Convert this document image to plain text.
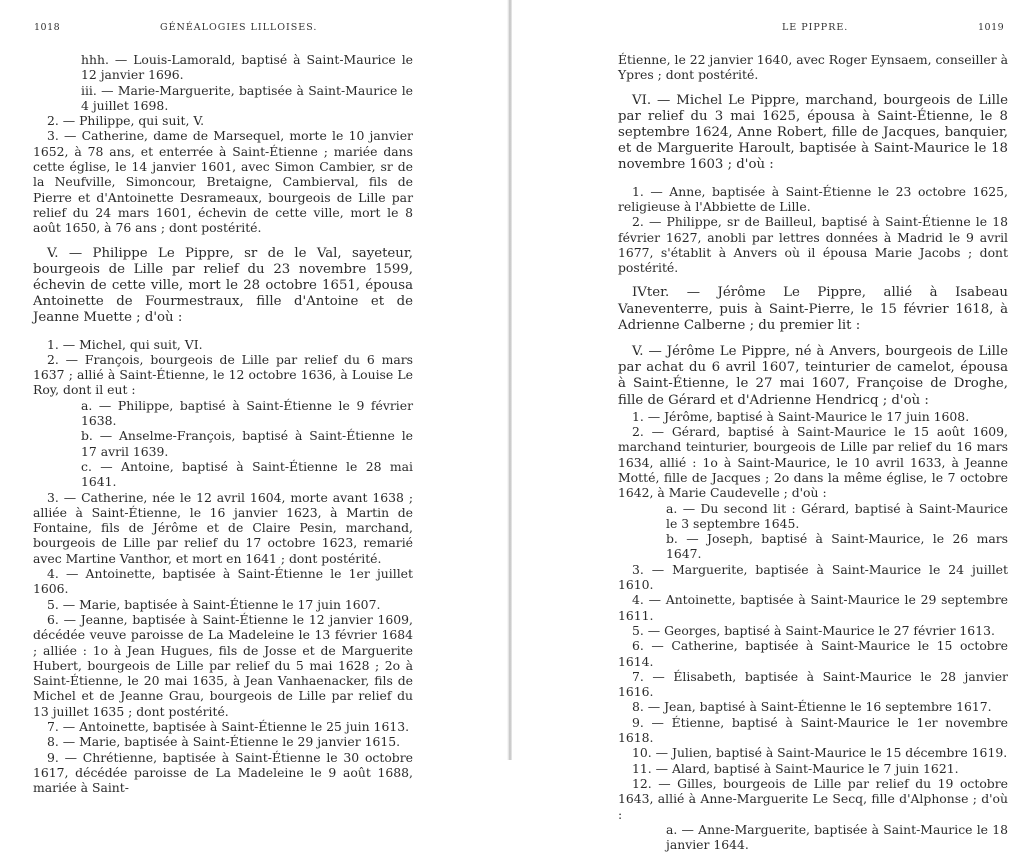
1018	GÉNÉALOGIES LILLOISES.

hhh. — Louis-Lamorald, baptisé à Saint-Maurice le 12 janvier 1696.

iii. — Marie-Marguerite, baptisée à Saint-Maurice le 4 juillet 1698.

2. — Philippe, qui suit, V.

3. — Catherine, dame de Marsequel, morte le 10 janvier 1652, à 78 ans, et enterrée à Saint-Étienne ; mariée dans cette église, le 14 janvier 1601, avec Simon Cambier, sr de la Neufville, Simoncour, Bretaigne, Cambierval, fils de Pierre et d'Antoinette Desrameaux, bourgeois de Lille par relief du 24 mars 1601, échevin de cette ville, mort le 8 août 1650, à 76 ans ; dont postérité.

V. — Philippe Le Pippre, sr de le Val, sayeteur, bourgeois de Lille par relief du 23 novembre 1599, échevin de cette ville, mort le 28 octobre 1651, épousa Antoinette de Fourmestraux, fille d'Antoine et de Jeanne Muette ; d'où :

1. — Michel, qui suit, VI.

2. — François, bourgeois de Lille par relief du 6 mars 1637 ; allié à Saint-Étienne, le 12 octobre 1636, à Louise Le Roy, dont il eut :

a. — Philippe, baptisé à Saint-Étienne le 9 février 1638.

b. — Anselme-François, baptisé à Saint-Étienne le 17 avril 1639.

c. — Antoine, baptisé à Saint-Étienne le 28 mai 1641.

3. — Catherine, née le 12 avril 1604, morte avant 1638 ; alliée à Saint-Étienne, le 16 janvier 1623, à Martin de Fontaine, fils de Jérôme et de Claire Pesin, marchand, bourgeois de Lille par relief du 17 octobre 1623, remarié avec Martine Vanthor, et mort en 1641 ; dont postérité.

4. — Antoinette, baptisée à Saint-Étienne le 1er juillet 1606.

5. — Marie, baptisée à Saint-Étienne le 17 juin 1607.

6. — Jeanne, baptisée à Saint-Étienne le 12 janvier 1609, décédée veuve paroisse de La Madeleine le 13 février 1684 ; alliée : 1o à Jean Hugues, fils de Josse et de Marguerite Hubert, bourgeois de Lille par relief du 5 mai 1628 ; 2o à Saint-Étienne, le 20 mai 1635, à Jean Vanhaenacker, fils de Michel et de Jeanne Grau, bourgeois de Lille par relief du 13 juillet 1635 ; dont postérité.

7. — Antoinette, baptisée à Saint-Étienne le 25 juin 1613.

8. — Marie, baptisée à Saint-Étienne le 29 janvier 1615.

9. — Chrétienne, baptisée à Saint-Étienne le 30 octobre 1617, décédée paroisse de La Madeleine le 9 août 1688, mariée à Saint-

LE PIPPRE.	1019

Étienne, le 22 janvier 1640, avec Roger Eynsaem, conseiller à Ypres ; dont postérité.

VI. — Michel Le Pippre, marchand, bourgeois de Lille par relief du 3 mai 1625, épousa à Saint-Étienne, le 8 septembre 1624, Anne Robert, fille de Jacques, banquier, et de Marguerite Haroult, baptisée à Saint-Maurice le 18 novembre 1603 ; d'où :

1. — Anne, baptisée à Saint-Étienne le 23 octobre 1625, religieuse à l'Abbiette de Lille.

2. — Philippe, sr de Bailleul, baptisé à Saint-Étienne le 18 février 1627, anobli par lettres données à Madrid le 9 avril 1677, s'établit à Anvers où il épousa Marie Jacobs ; dont postérité.

IVter. — Jérôme Le Pippre, allié à Isabeau Vaneventerre, puis à Saint-Pierre, le 15 février 1618, à Adrienne Calberne ; du premier lit :

V. — Jérôme Le Pippre, né à Anvers, bourgeois de Lille par achat du 6 avril 1607, teinturier de camelot, épousa à Saint-Étienne, le 27 mai 1607, Françoise de Droghe, fille de Gérard et d'Adrienne Hendricq ; d'où :

1. — Jérôme, baptisé à Saint-Maurice le 17 juin 1608.

2. — Gérard, baptisé à Saint-Maurice le 15 août 1609, marchand teinturier, bourgeois de Lille par relief du 16 mars 1634, allié : 1o à Saint-Maurice, le 10 avril 1633, à Jeanne Motté, fille de Jacques ; 2o dans la même église, le 7 octobre 1642, à Marie Caudevelle ; d'où :

a. — Du second lit : Gérard, baptisé à Saint-Maurice le 3 septembre 1645.

b. — Joseph, baptisé à Saint-Maurice, le 26 mars 1647.

3. — Marguerite, baptisée à Saint-Maurice le 24 juillet 1610.

4. — Antoinette, baptisée à Saint-Maurice le 29 septembre 1611.

5. — Georges, baptisé à Saint-Maurice le 27 février 1613.

6. — Catherine, baptisée à Saint-Maurice le 15 octobre 1614.

7. — Élisabeth, baptisée à Saint-Maurice le 28 janvier 1616.

8. — Jean, baptisé à Saint-Étienne le 16 septembre 1617.

9. — Étienne, baptisé à Saint-Maurice le 1er novembre 1618.

10. — Julien, baptisé à Saint-Maurice le 15 décembre 1619.

11. — Alard, baptisé à Saint-Maurice le 7 juin 1621.

12. — Gilles, bourgeois de Lille par relief du 19 octobre 1643, allié à Anne-Marguerite Le Secq, fille d'Alphonse ; d'où :

a. — Anne-Marguerite, baptisée à Saint-Maurice le 18 janvier 1644.
